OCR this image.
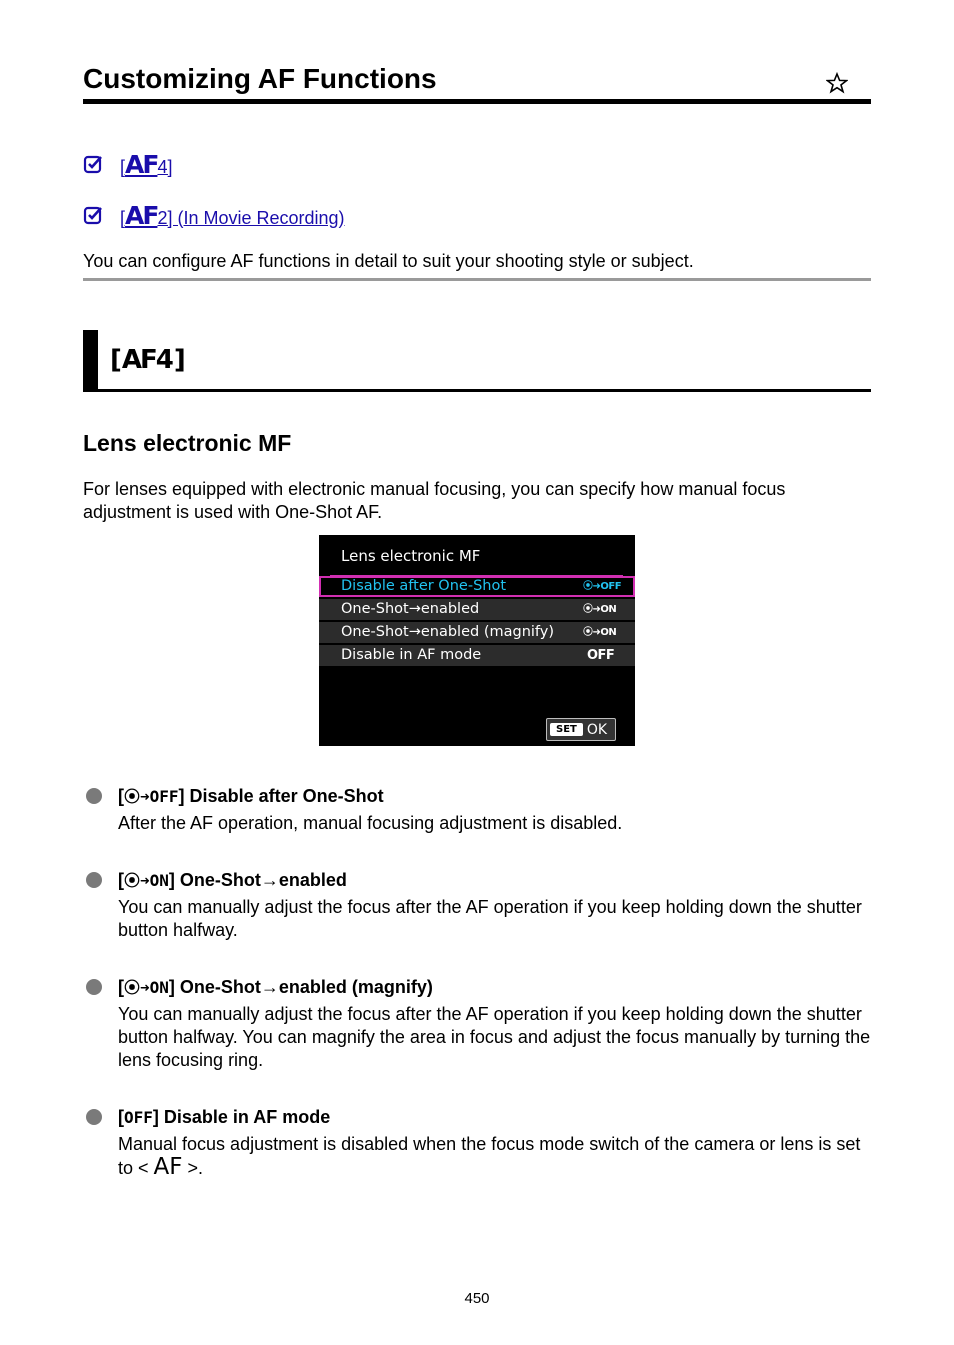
Customizing AF Functions
[ AF 4]
[ AF 2] (In Movie Recording)

You can configure AF functions in detail to suit your shooting style or subject.

[AF4]
Lens electronic MF

For lenses equipped with electronic manual focusing, you can specify how manual focus adjustment is used with One-Shot AF.

Lens electronic MF
Disable after One-Shot	⦿➜OFF
One-Shot→enabled	⦿➜ON
One-Shot→enabled (magnify)	⦿➜ON
Disable in AF mode	OFF
SET OK
[⦿➜OFF] Disable after One-Shot

After the AF operation, manual focusing adjustment is disabled.

[⦿➜ON] One-Shot→enabled

You can manually adjust the focus after the AF operation if you keep holding down the shutter button halfway.

[⦿➜ON] One-Shot→enabled (magnify)

You can manually adjust the focus after the AF operation if you keep holding down the shutter button halfway. You can magnify the area in focus and adjust the focus manually by turning the lens focusing ring.

[OFF] Disable in AF mode

Manual focus adjustment is disabled when the focus mode switch of the camera or lens is set to < AF >.

450
